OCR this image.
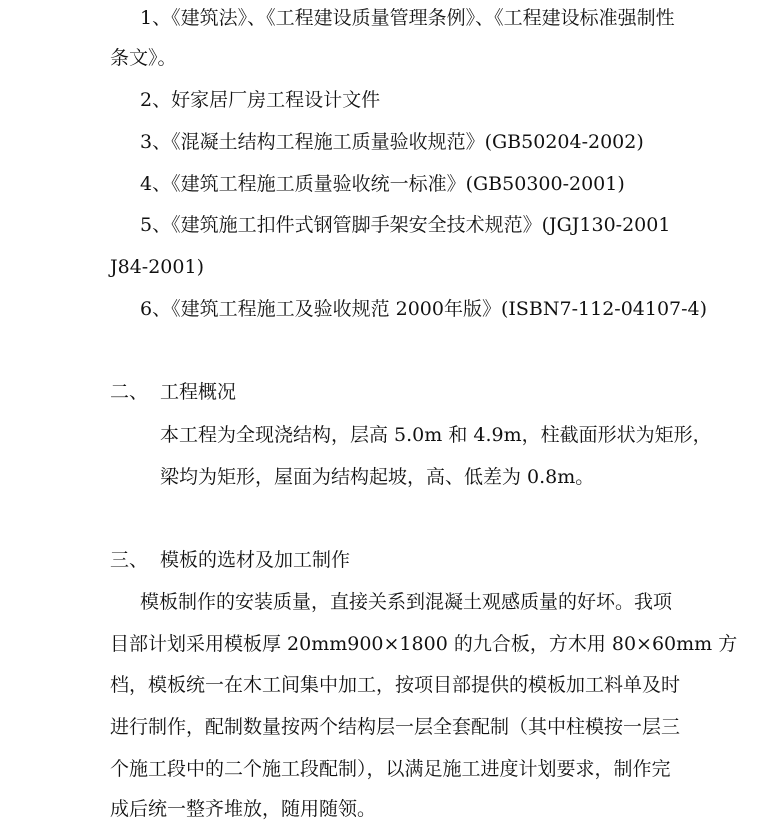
1、《建筑法》、《工程建设质量管理条例》、《工程建设标准强制性
条文》。
2、好家居厂房工程设计文件
3、《混凝土结构工程施工质量验收规范》(GB50204-2002)
4、《建筑工程施工质量验收统一标准》(GB50300-2001)
5、《建筑施工扣件式钢管脚手架安全技术规范》(JGJ130-2001
J84-2001)
6、《建筑工程施工及验收规范 2000年版》(ISBN7-112-04107-4)
二、 工程概况
本工程为全现浇结构，层高 5.0m 和 4.9m，柱截面形状为矩形，
梁均为矩形，屋面为结构起坡，高、低差为 0.8m。
三、 模板的选材及加工制作
模板制作的安装质量，直接关系到混凝土观感质量的好坏。我项
目部计划采用模板厚 20mm900×1800 的九合板，方木用 80×60mm 方
档，模板统一在木工间集中加工，按项目部提供的模板加工料单及时
进行制作，配制数量按两个结构层一层全套配制（其中柱模按一层三
个施工段中的二个施工段配制），以满足施工进度计划要求，制作完
成后统一整齐堆放，随用随领。
